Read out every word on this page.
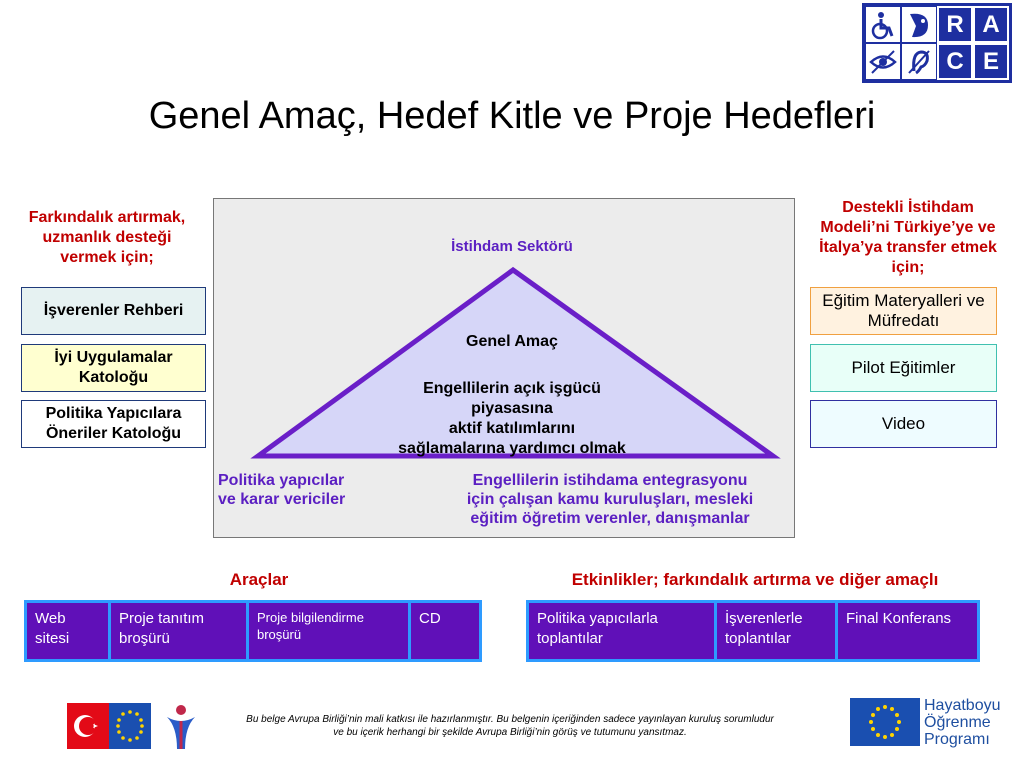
R A
C E
Genel Amaç, Hedef Kitle ve Proje Hedefleri
Farkındalık artırmak,
uzmanlık desteği
vermek için;
İşverenler Rehberi
İyi Uygulamalar Katoloğu
Politika Yapıcılara Öneriler Katoloğu
Destekli İstihdam
Modeli’ni Türkiye’ye ve
İtalya’ya transfer etmek
için;
Eğitim Materyalleri ve Müfredatı
Pilot Eğitimler
Video
İstihdam Sektörü
Genel Amaç
Engellilerin açık işgücü
piyasasına
aktif katılımlarını
sağlamalarına yardımcı olmak
Politika yapıcılar
ve karar vericiler
Engellilerin istihdama entegrasyonu
için çalışan kamu kuruluşları, mesleki
eğitim öğretim verenler, danışmanlar
Araçlar
Web sitesi
Proje tanıtım broşürü
Proje bilgilendirme broşürü
CD
Etkinlikler; farkındalık artırma ve diğer amaçlı
Politika yapıcılarla toplantılar
İşverenlerle toplantılar
Final Konferans
Bu belge Avrupa Birliği’nin mali katkısı ile hazırlanmıştır. Bu belgenin içeriğinden sadece yayınlayan kuruluş sorumludur ve bu içerik herhangi bir şekilde Avrupa Birliği’nin görüş ve tutumunu yansıtmaz.
Hayatboyu
Öğrenme
Programı
